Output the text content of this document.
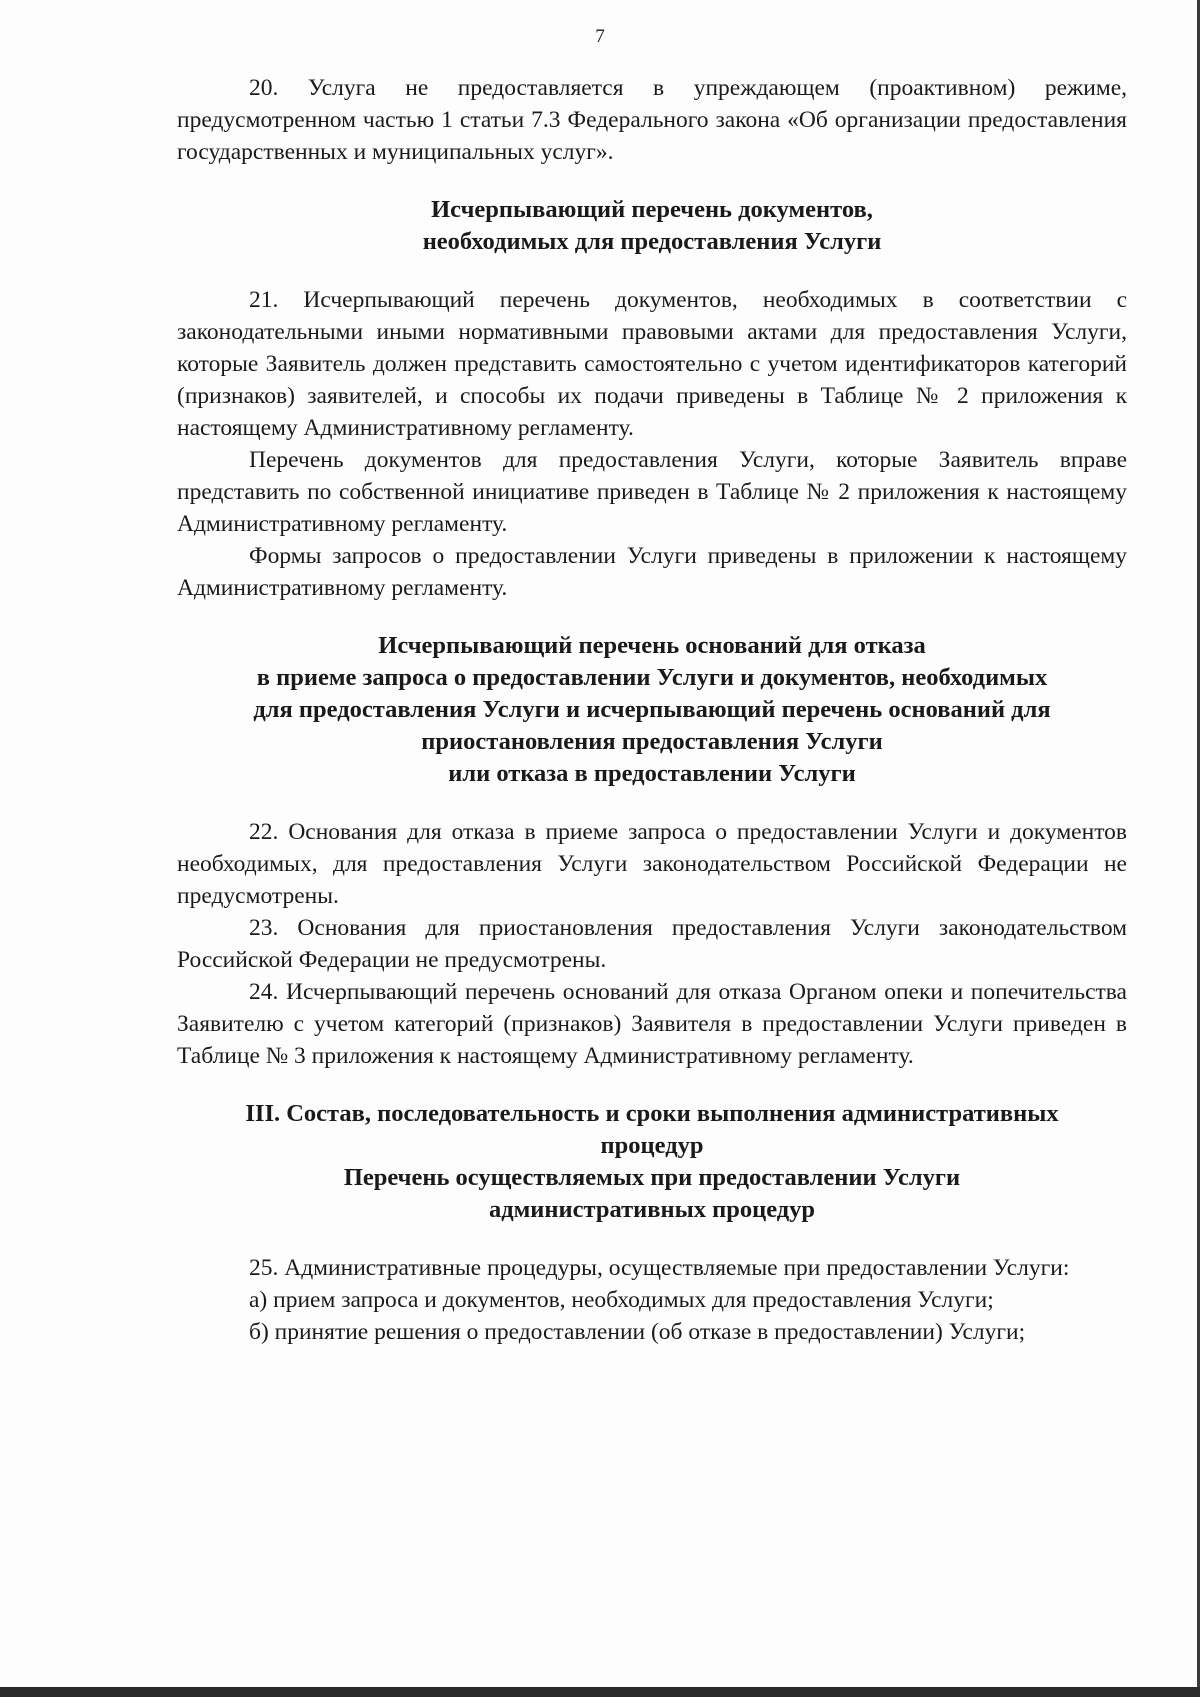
7

20. Услуга не предоставляется в упреждающем (проактивном) режиме, предусмотренном частью 1 статьи 7.3 Федерального закона «Об организации предоставления государственных и муниципальных услуг».

Исчерпывающий перечень документов,

необходимых для предоставления Услуги

21. Исчерпывающий перечень документов, необходимых в соответствии с законодательными иными нормативными правовыми актами для предоставления Услуги, которые Заявитель должен представить самостоятельно с учетом идентификаторов категорий (признаков) заявителей, и способы их подачи приведены в Таблице № 2 приложения к настоящему Административному регламенту.

Перечень документов для предоставления Услуги, которые Заявитель вправе представить по собственной инициативе приведен в Таблице № 2 приложения к настоящему Административному регламенту.

Формы запросов о предоставлении Услуги приведены в приложении к настоящему Административному регламенту.

Исчерпывающий перечень оснований для отказа

в приеме запроса о предоставлении Услуги и документов, необходимых

для предоставления Услуги и исчерпывающий перечень оснований для

приостановления предоставления Услуги

или отказа в предоставлении Услуги

22. Основания для отказа в приеме запроса о предоставлении Услуги и документов необходимых, для предоставления Услуги законодательством Российской Федерации не предусмотрены.

23. Основания для приостановления предоставления Услуги законодательством Российской Федерации не предусмотрены.

24. Исчерпывающий перечень оснований для отказа Органом опеки и попечительства Заявителю с учетом категорий (признаков) Заявителя в предоставлении Услуги приведен в Таблице № 3 приложения к настоящему Административному регламенту.

III. Состав, последовательность и сроки выполнения административных

процедур

Перечень осуществляемых при предоставлении Услуги

административных процедур

25. Административные процедуры, осуществляемые при предоставлении Услуги:

а) прием запроса и документов, необходимых для предоставления Услуги;

б) принятие решения о предоставлении (об отказе в предоставлении) Услуги;
